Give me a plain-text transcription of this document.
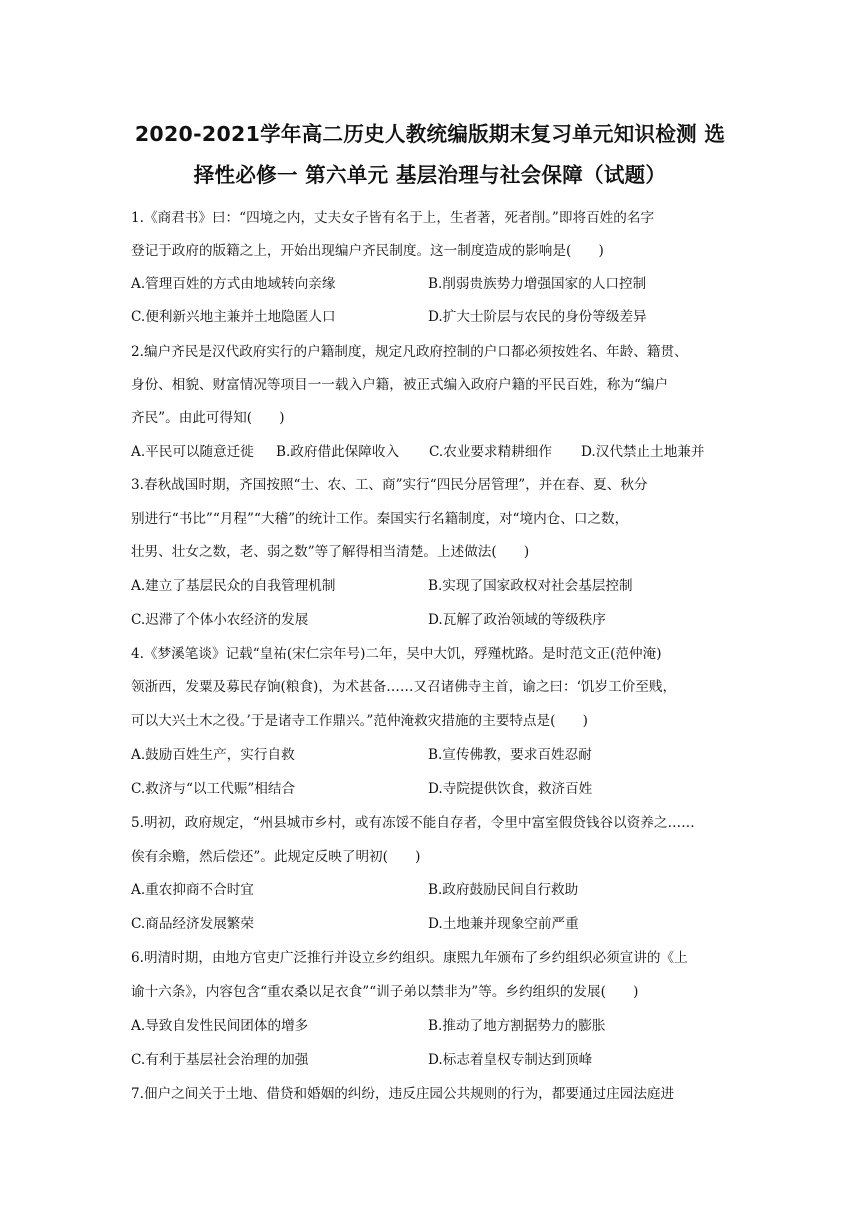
2020-2021学年高二历史人教统编版期末复习单元知识检测 选
择性必修一 第六单元 基层治理与社会保障（试题）
1.《商君书》曰：“四境之内，丈夫女子皆有名于上，生者著，死者削。”即将百姓的名字
登记于政府的版籍之上，开始出现编户齐民制度。这一制度造成的影响是(　　)
A.管理百姓的方式由地域转向亲缘	B.削弱贵族势力增强国家的人口控制
C.便利新兴地主兼并土地隐匿人口	D.扩大士阶层与农民的身份等级差异
2.编户齐民是汉代政府实行的户籍制度，规定凡政府控制的户口都必须按姓名、年龄、籍贯、
身份、相貌、财富情况等项目一一载入户籍，被正式编入政府户籍的平民百姓，称为“编户
齐民”。由此可得知(　　)
A.平民可以随意迁徙 B.政府借此保障收入 C.农业要求精耕细作 D.汉代禁止土地兼并
3.春秋战国时期，齐国按照“士、农、工、商”实行“四民分居管理”，并在春、夏、秋分
别进行“书比”“月程”“大稽”的统计工作。秦国实行名籍制度，对“境内仓、口之数，
壮男、壮女之数，老、弱之数”等了解得相当清楚。上述做法(　　)
A.建立了基层民众的自我管理机制	B.实现了国家政权对社会基层控制
C.迟滞了个体小农经济的发展	D.瓦解了政治领域的等级秩序
4.《梦溪笔谈》记载“皇祐(宋仁宗年号)二年，吴中大饥，殍殣枕路。是时范文正(范仲淹)
领浙西，发粟及募民存饷(粮食)，为术甚备……又召诸佛寺主首，谕之曰：‘饥岁工价至贱，
可以大兴土木之役。’于是诸寺工作鼎兴。”范仲淹救灾措施的主要特点是(　　)
A.鼓励百姓生产，实行自救	B.宣传佛教，要求百姓忍耐
C.救济与“以工代赈”相结合	D.寺院提供饮食，救济百姓
5.明初，政府规定，“州县城市乡村，或有冻馁不能自存者，令里中富室假贷钱谷以资养之……
俟有余赡，然后偿还”。此规定反映了明初(　　)
A.重农抑商不合时宜	B.政府鼓励民间自行救助
C.商品经济发展繁荣	D.土地兼并现象空前严重
6.明清时期，由地方官吏广泛推行并设立乡约组织。康熙九年颁布了乡约组织必须宣讲的《上
谕十六条》，内容包含“重农桑以足衣食”“训子弟以禁非为”等。乡约组织的发展(　　)
A.导致自发性民间团体的增多	B.推动了地方割据势力的膨胀
C.有利于基层社会治理的加强	D.标志着皇权专制达到顶峰
7.佃户之间关于土地、借贷和婚姻的纠纷，违反庄园公共规则的行为，都要通过庄园法庭进
